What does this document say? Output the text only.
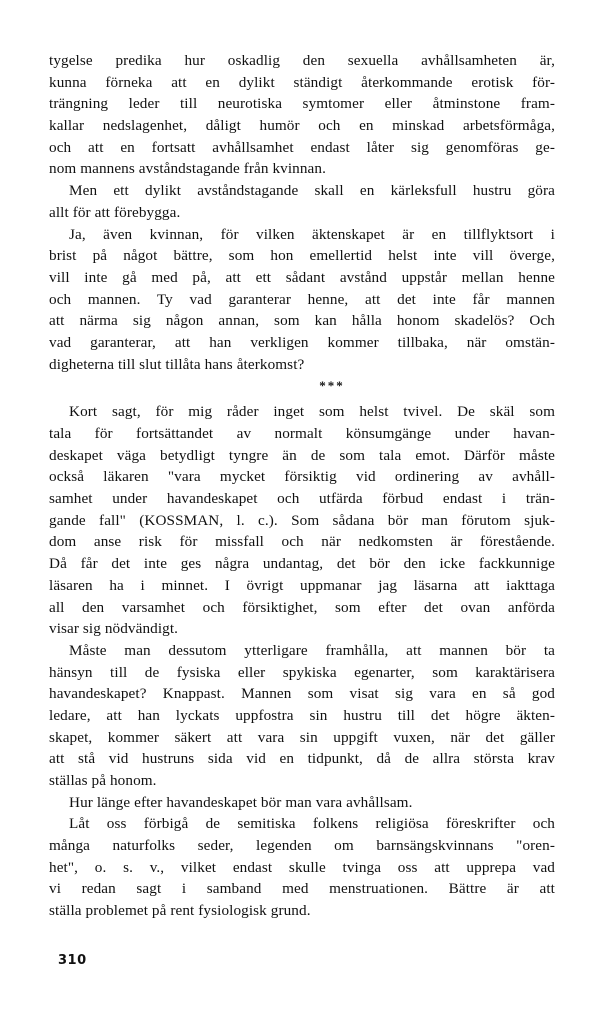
tygelse predika hur oskadlig den sexuella avhållsamheten är,
kunna förneka att en dylikt ständigt återkommande erotisk för-
trängning leder till neurotiska symtomer eller åtminstone fram-
kallar nedslagenhet, dåligt humör och en minskad arbetsförmåga,
och att en fortsatt avhållsamhet endast låter sig genomföras ge-
nom mannens avståndstagande från kvinnan.
Men ett dylikt avståndstagande skall en kärleksfull hustru göra
allt för att förebygga.
Ja, även kvinnan, för vilken äktenskapet är en tillflyktsort i
brist på något bättre, som hon emellertid helst inte vill överge,
vill inte gå med på, att ett sådant avstånd uppstår mellan henne
och mannen. Ty vad garanterar henne, att det inte får mannen
att närma sig någon annan, som kan hålla honom skadelös? Och
vad garanterar, att han verkligen kommer tillbaka, när omstän-
digheterna till slut tillåta hans återkomst?
***
Kort sagt, för mig råder inget som helst tvivel. De skäl som
tala för fortsättandet av normalt könsumgänge under havan-
deskapet väga betydligt tyngre än de som tala emot. Därför måste
också läkaren "vara mycket försiktig vid ordinering av avhåll-
samhet under havandeskapet och utfärda förbud endast i trän-
gande fall" (KOSSMAN, l. c.). Som sådana bör man förutom sjuk-
dom anse risk för missfall och när nedkomsten är förestående.
Då får det inte ges några undantag, det bör den icke fackkunnige
läsaren ha i minnet. I övrigt uppmanar jag läsarna att iakttaga
all den varsamhet och försiktighet, som efter det ovan anförda
visar sig nödvändigt.
Måste man dessutom ytterligare framhålla, att mannen bör ta
hänsyn till de fysiska eller spykiska egenarter, som karaktärisera
havandeskapet? Knappast. Mannen som visat sig vara en så god
ledare, att han lyckats uppfostra sin hustru till det högre äkten-
skapet, kommer säkert att vara sin uppgift vuxen, när det gäller
att stå vid hustruns sida vid en tidpunkt, då de allra största krav
ställas på honom.
Hur länge efter havandeskapet bör man vara avhållsam.
Låt oss förbigå de semitiska folkens religiösa föreskrifter och
många naturfolks seder, legenden om barnsängskvinnans "oren-
het", o. s. v., vilket endast skulle tvinga oss att upprepa vad
vi redan sagt i samband med menstruationen. Bättre är att
ställa problemet på rent fysiologisk grund.
310
